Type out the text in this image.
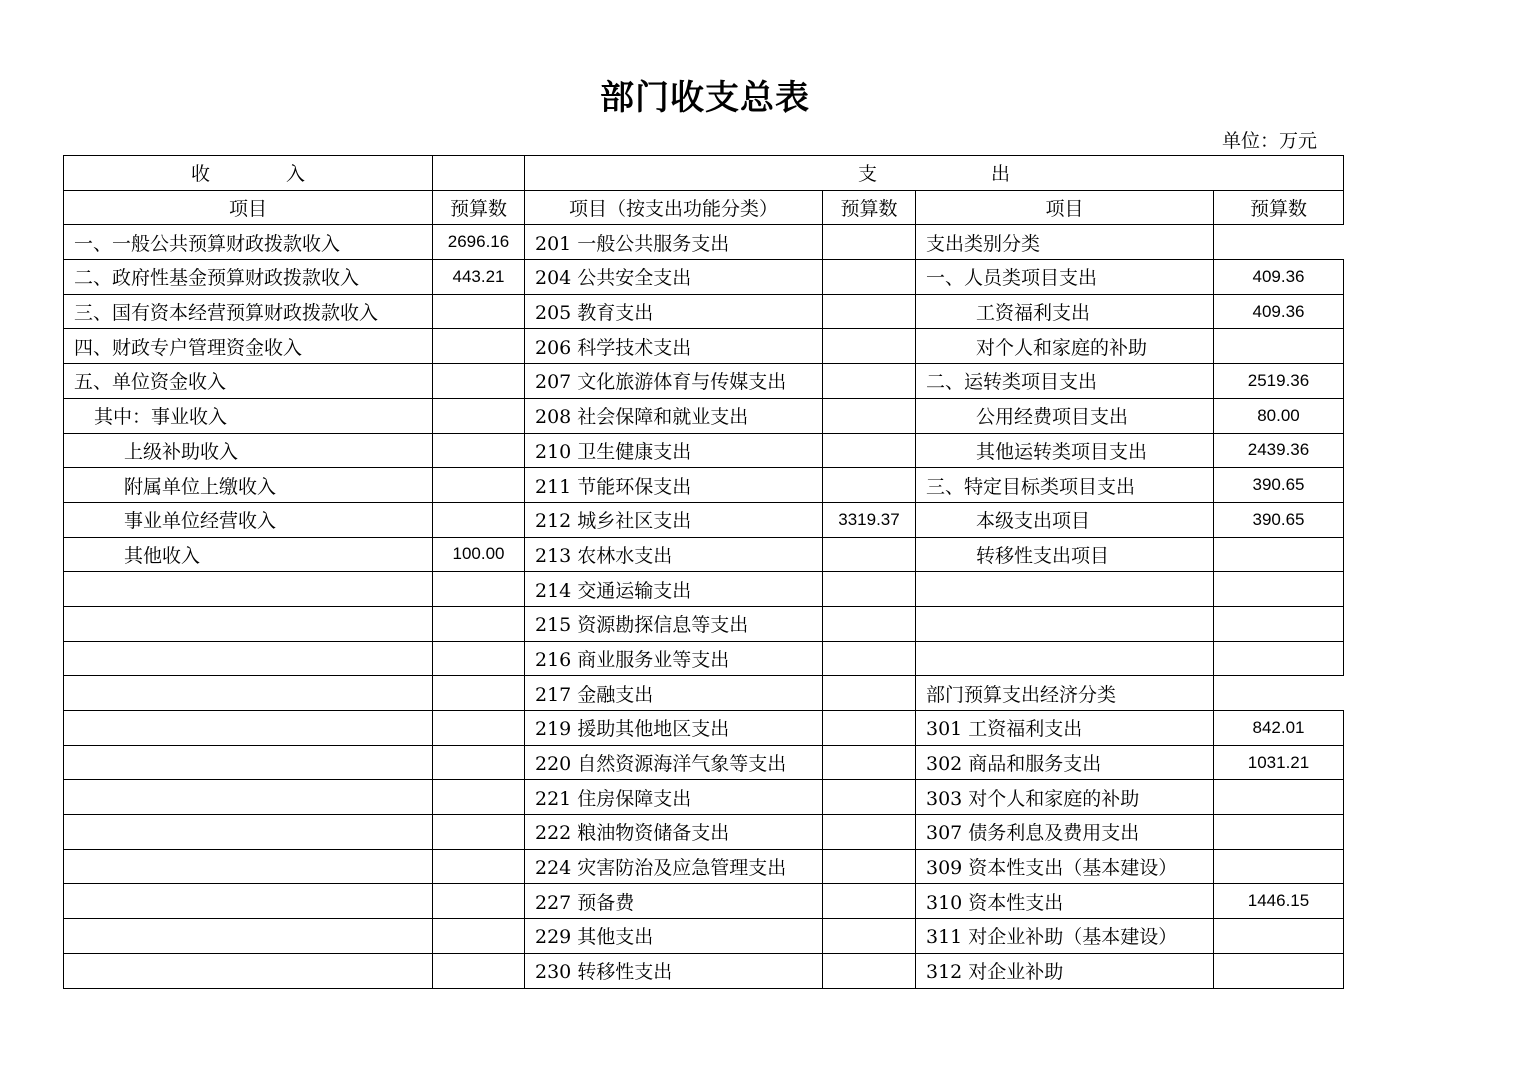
部门收支总表
单位：万元
收　　　　入		支　　　　　　出			
项目	预算数	项目（按支出功能分类）	预算数	项目	预算数
一、一般公共预算财政拨款收入	2696.16	201 一般公共服务支出		支出类别分类	
二、政府性基金预算财政拨款收入	443.21	204 公共安全支出		一、人员类项目支出	409.36
三、国有资本经营预算财政拨款收入		205 教育支出		工资福利支出	409.36
四、财政专户管理资金收入		206 科学技术支出		对个人和家庭的补助	
五、单位资金收入		207 文化旅游体育与传媒支出		二、运转类项目支出	2519.36
其中：事业收入		208 社会保障和就业支出		公用经费项目支出	80.00
上级补助收入		210 卫生健康支出		其他运转类项目支出	2439.36
附属单位上缴收入		211 节能环保支出		三、特定目标类项目支出	390.65
事业单位经营收入		212 城乡社区支出	3319.37	本级支出项目	390.65
其他收入	100.00	213 农林水支出		转移性支出项目	
		214 交通运输支出			
		215 资源勘探信息等支出			
		216 商业服务业等支出			
		217 金融支出		部门预算支出经济分类	
		219 援助其他地区支出		301 工资福利支出	842.01
		220 自然资源海洋气象等支出		302 商品和服务支出	1031.21
		221 住房保障支出		303 对个人和家庭的补助	
		222 粮油物资储备支出		307 债务利息及费用支出	
		224 灾害防治及应急管理支出		309 资本性支出（基本建设）	
		227 预备费		310 资本性支出	1446.15
		229 其他支出		311 对企业补助（基本建设）	
		230 转移性支出		312 对企业补助	
